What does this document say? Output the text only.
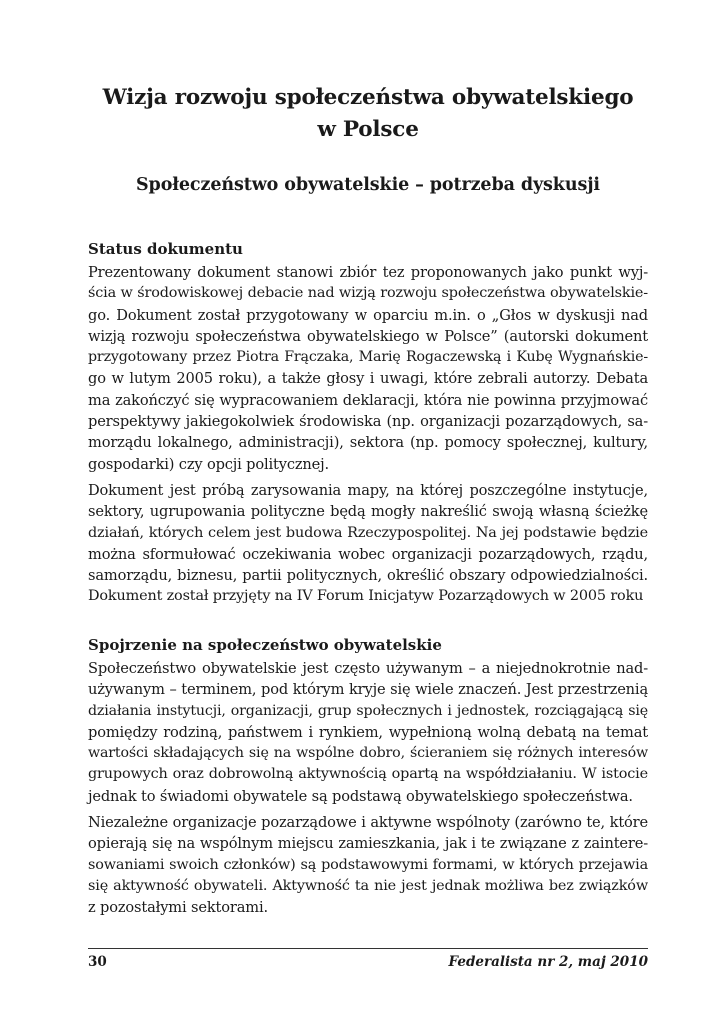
Wizja rozwoju społeczeństwa obywatelskiego
w Polsce
Społeczeństwo obywatelskie – potrzeba dyskusji
Status dokumentu
Prezentowany dokument stanowi zbiór tez proponowanych jako punkt wyj-
ścia w środowiskowej debacie nad wizją rozwoju społeczeństwa obywatelskie-
go. Dokument został przygotowany w oparciu m.in. o „Głos w dyskusji nad
wizją rozwoju społeczeństwa obywatelskiego w Polsce” (autorski dokument
przygotowany przez Piotra Frączaka, Marię Rogaczewską i Kubę Wygnańskie-
go w lutym 2005 roku), a także głosy i uwagi, które zebrali autorzy. Debata
ma zakończyć się wypracowaniem deklaracji, która nie powinna przyjmować
perspektywy jakiegokolwiek środowiska (np. organizacji pozarządowych, sa-
morządu lokalnego, administracji), sektora (np. pomocy społecznej, kultury,
gospodarki) czy opcji politycznej.
Dokument jest próbą zarysowania mapy, na której poszczególne instytucje,
sektory, ugrupowania polityczne będą mogły nakreślić swoją własną ścieżkę
działań, których celem jest budowa Rzeczypospolitej. Na jej podstawie będzie
można sformułować oczekiwania wobec organizacji pozarządowych, rządu,
samorządu, biznesu, partii politycznych, określić obszary odpowiedzialności.
Dokument został przyjęty na IV Forum Inicjatyw Pozarządowych w 2005 roku
Spojrzenie na społeczeństwo obywatelskie
Społeczeństwo obywatelskie jest często używanym – a niejednokrotnie nad-
używanym – terminem, pod którym kryje się wiele znaczeń. Jest przestrzenią
działania instytucji, organizacji, grup społecznych i jednostek, rozciągającą się
pomiędzy rodziną, państwem i rynkiem, wypełnioną wolną debatą na temat
wartości składających się na wspólne dobro, ścieraniem się różnych interesów
grupowych oraz dobrowolną aktywnością opartą na współdziałaniu. W istocie
jednak to świadomi obywatele są podstawą obywatelskiego społeczeństwa.
Niezależne organizacje pozarządowe i aktywne wspólnoty (zarówno te, które
opierają się na wspólnym miejscu zamieszkania, jak i te związane z zaintere-
sowaniami swoich członków) są podstawowymi formami, w których przejawia
się aktywność obywateli. Aktywność ta nie jest jednak możliwa bez związków
z pozostałymi sektorami.
30	Federalista nr 2, maj 2010
